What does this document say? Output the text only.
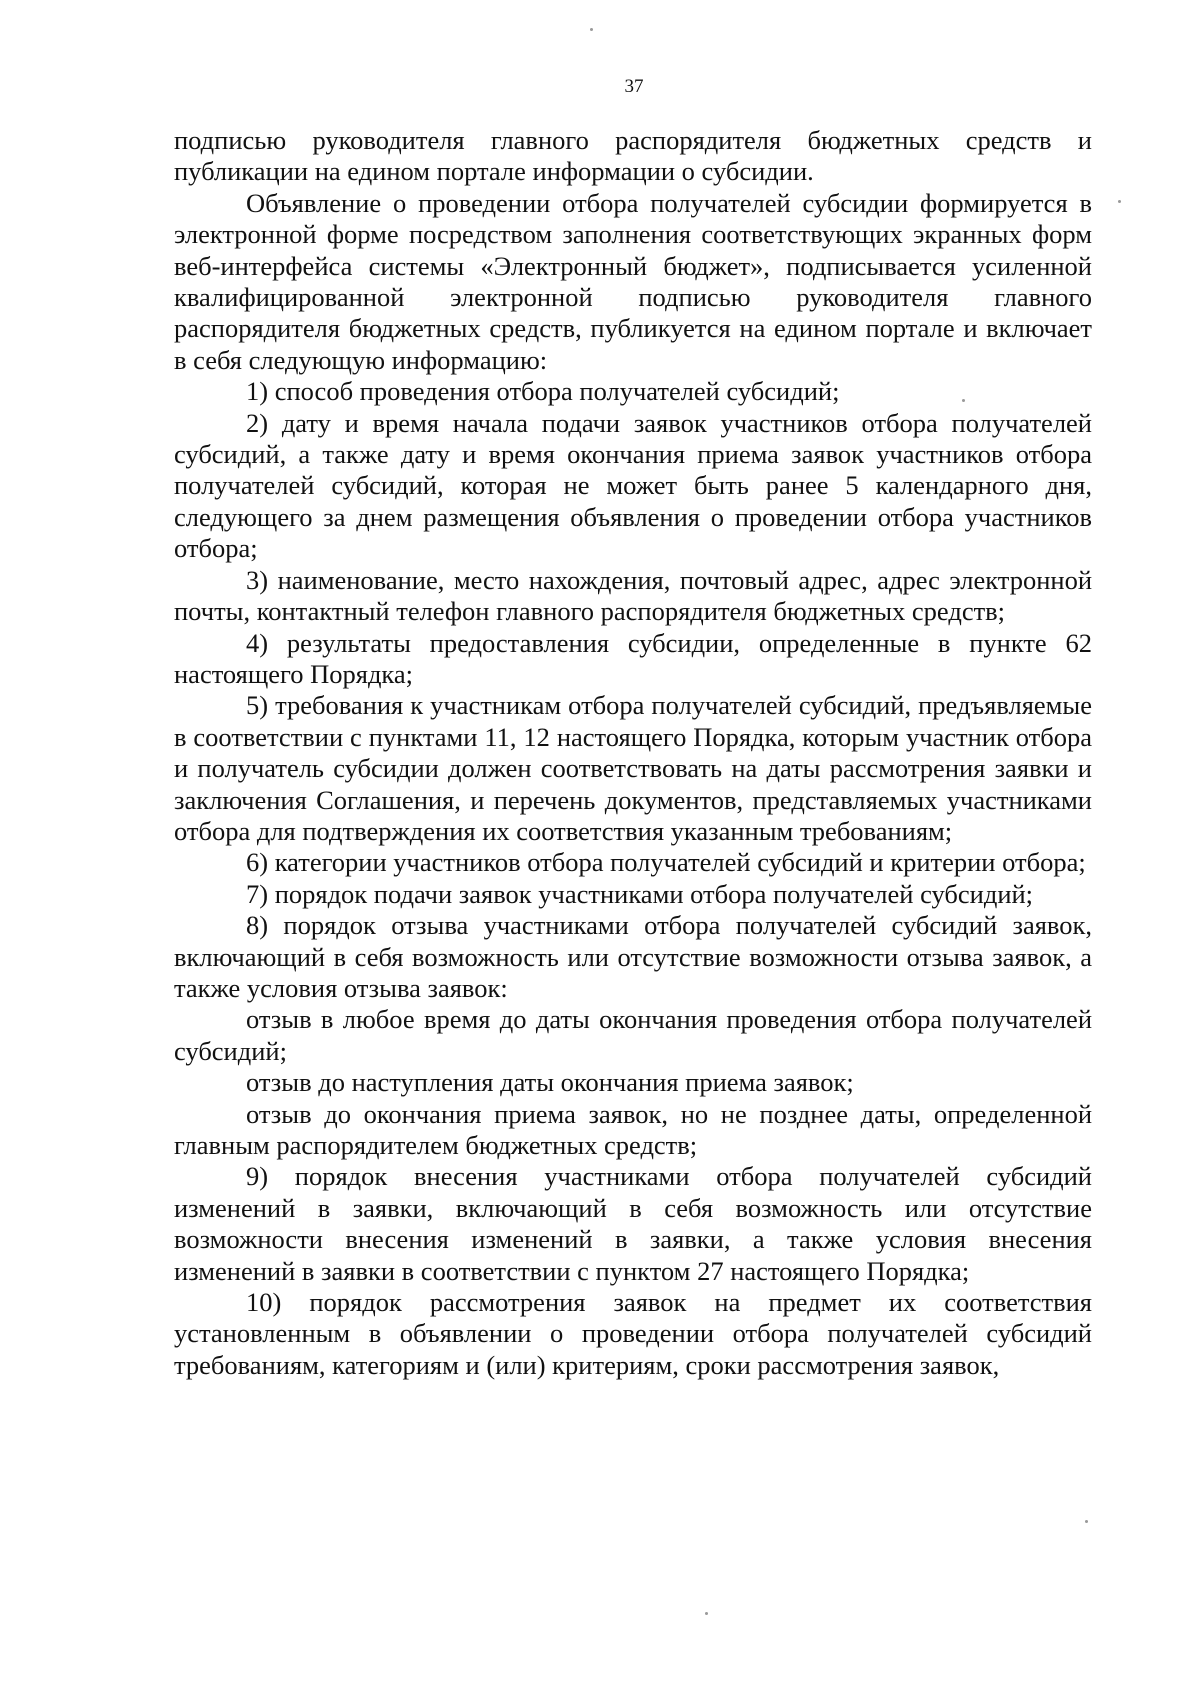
37

подписью руководителя главного распорядителя бюджетных средств и публикации на едином портале информации о субсидии.

Объявление о проведении отбора получателей субсидии формируется в электронной форме посредством заполнения соответствующих экранных форм веб-интерфейса системы «Электронный бюджет», подписывается усиленной квалифицированной электронной подписью руководителя главного распорядителя бюджетных средств, публикуется на едином портале и включает в себя следующую информацию:

1) способ проведения отбора получателей субсидий;

2) дату и время начала подачи заявок участников отбора получателей субсидий, а также дату и время окончания приема заявок участников отбора получателей субсидий, которая не может быть ранее 5 календарного дня, следующего за днем размещения объявления о проведении отбора участников отбора;

3) наименование, место нахождения, почтовый адрес, адрес электронной почты, контактный телефон главного распорядителя бюджетных средств;

4) результаты предоставления субсидии, определенные в пункте 62 настоящего Порядка;

5) требования к участникам отбора получателей субсидий, предъявляемые в соответствии с пунктами 11, 12 настоящего Порядка, которым участник отбора и получатель субсидии должен соответствовать на даты рассмотрения заявки и заключения Соглашения, и перечень документов, представляемых участниками отбора для подтверждения их соответствия указанным требованиям;

6) категории участников отбора получателей субсидий и критерии отбора;

7) порядок подачи заявок участниками отбора получателей субсидий;

8) порядок отзыва участниками отбора получателей субсидий заявок, включающий в себя возможность или отсутствие возможности отзыва заявок, а также условия отзыва заявок:

отзыв в любое время до даты окончания проведения отбора получателей субсидий;

отзыв до наступления даты окончания приема заявок;

отзыв до окончания приема заявок, но не позднее даты, определенной главным распорядителем бюджетных средств;

9) порядок внесения участниками отбора получателей субсидий изменений в заявки, включающий в себя возможность или отсутствие возможности внесения изменений в заявки, а также условия внесения изменений в заявки в соответствии с пунктом 27 настоящего Порядка;

10) порядок рассмотрения заявок на предмет их соответствия установленным в объявлении о проведении отбора получателей субсидий требованиям, категориям и (или) критериям, сроки рассмотрения заявок,
